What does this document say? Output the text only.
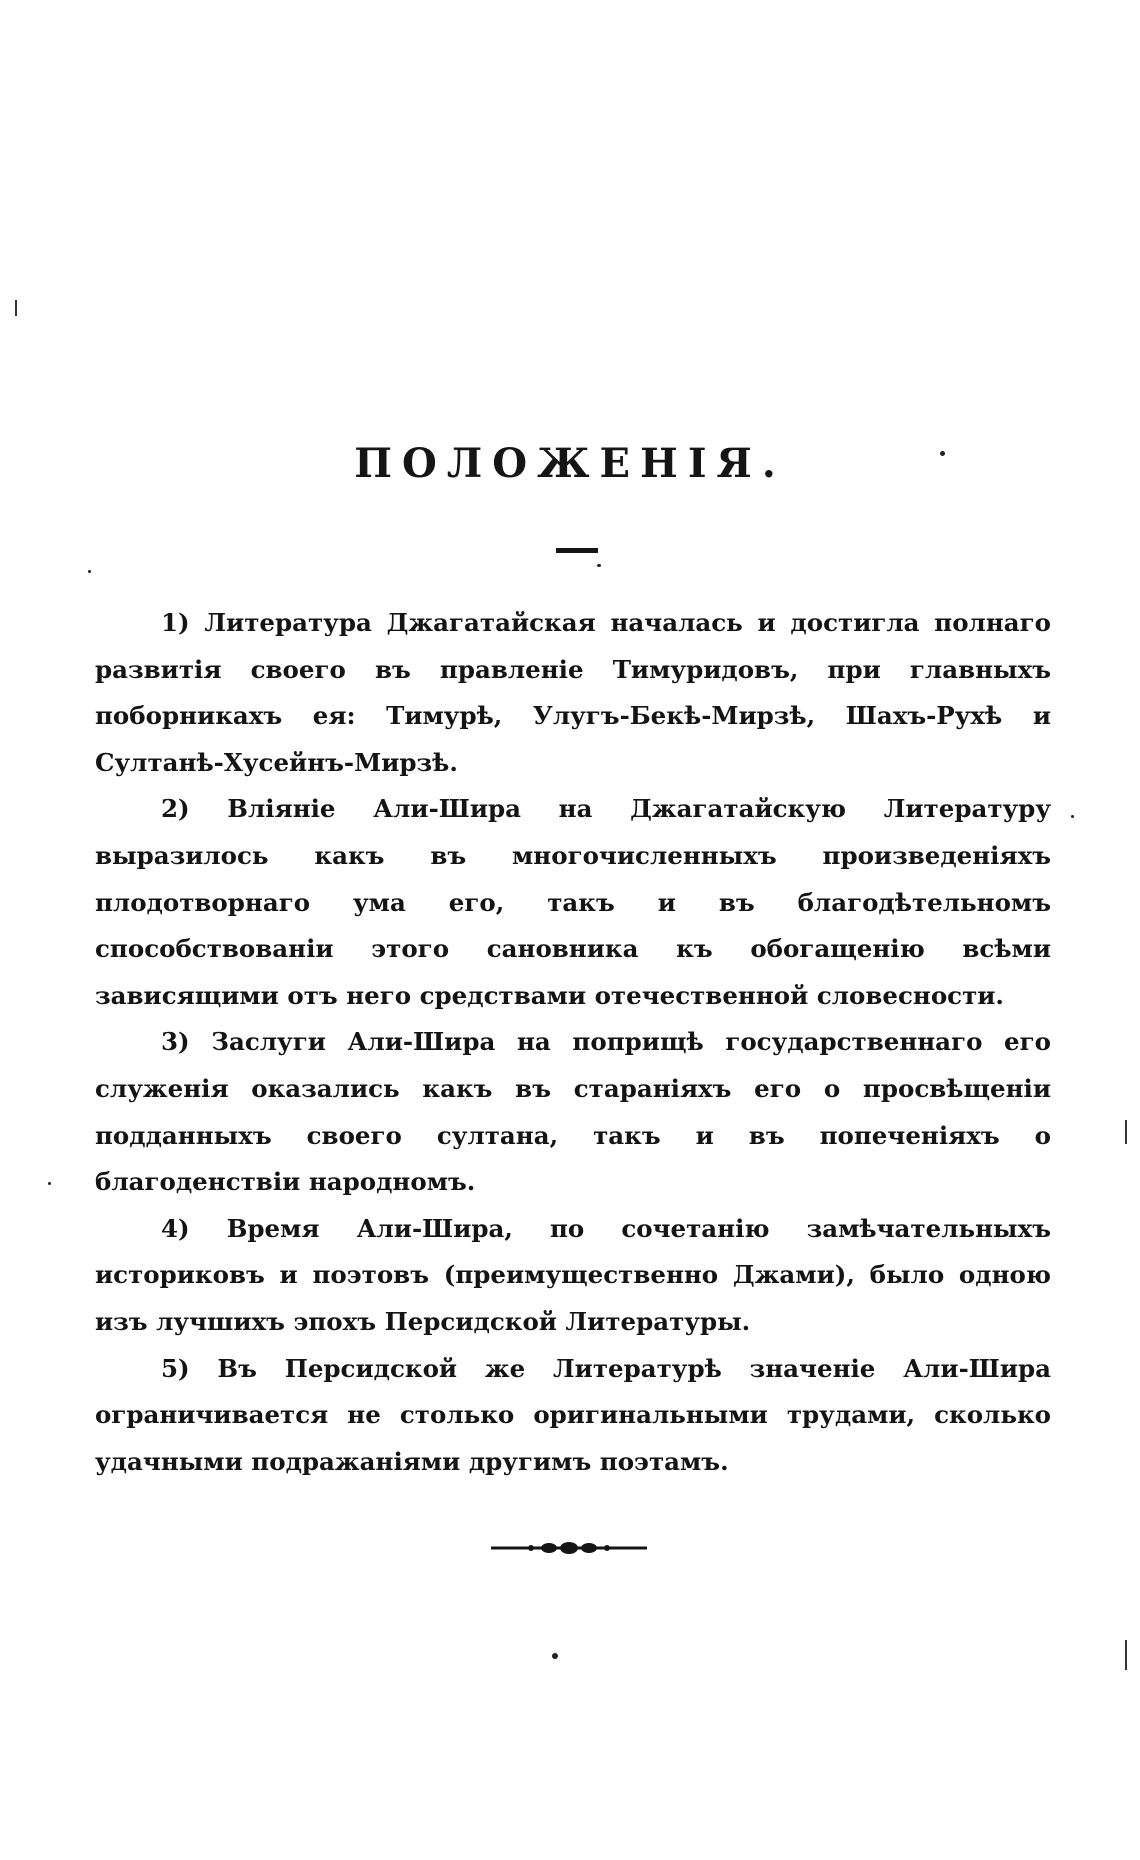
ПОЛОЖЕНІЯ.

1) Литература Джагатайская началась и достигла полнаго развитія своего въ правленіе Тимуридовъ, при главныхъ поборникахъ ея: Тимурѣ, Улугъ-Бекѣ-Мирзѣ, Шахъ-Рухѣ и Султанѣ-Хусейнъ-Мирзѣ.

2) Вліяніе Али-Шира на Джагатайскую Литературу выразилось какъ въ многочисленныхъ произведеніяхъ плодотворнаго ума его, такъ и въ благодѣтельномъ способствованіи этого сановника къ обогащенію всѣми зависящими отъ него средствами отечественной словесности.

3) Заслуги Али-Шира на поприщѣ государственнаго его служенія оказались какъ въ стараніяхъ его о просвѣщеніи подданныхъ своего султана, такъ и въ попеченіяхъ о благоденствіи народномъ.

4) Время Али-Шира, по сочетанію замѣчательныхъ историковъ и поэтовъ (преимущественно Джами), было одною изъ лучшихъ эпохъ Персидской Литературы.

5) Въ Персидской же Литературѣ значеніе Али-Шира ограничивается не столько оригинальными трудами, сколько удачными подражаніями другимъ поэтамъ.
